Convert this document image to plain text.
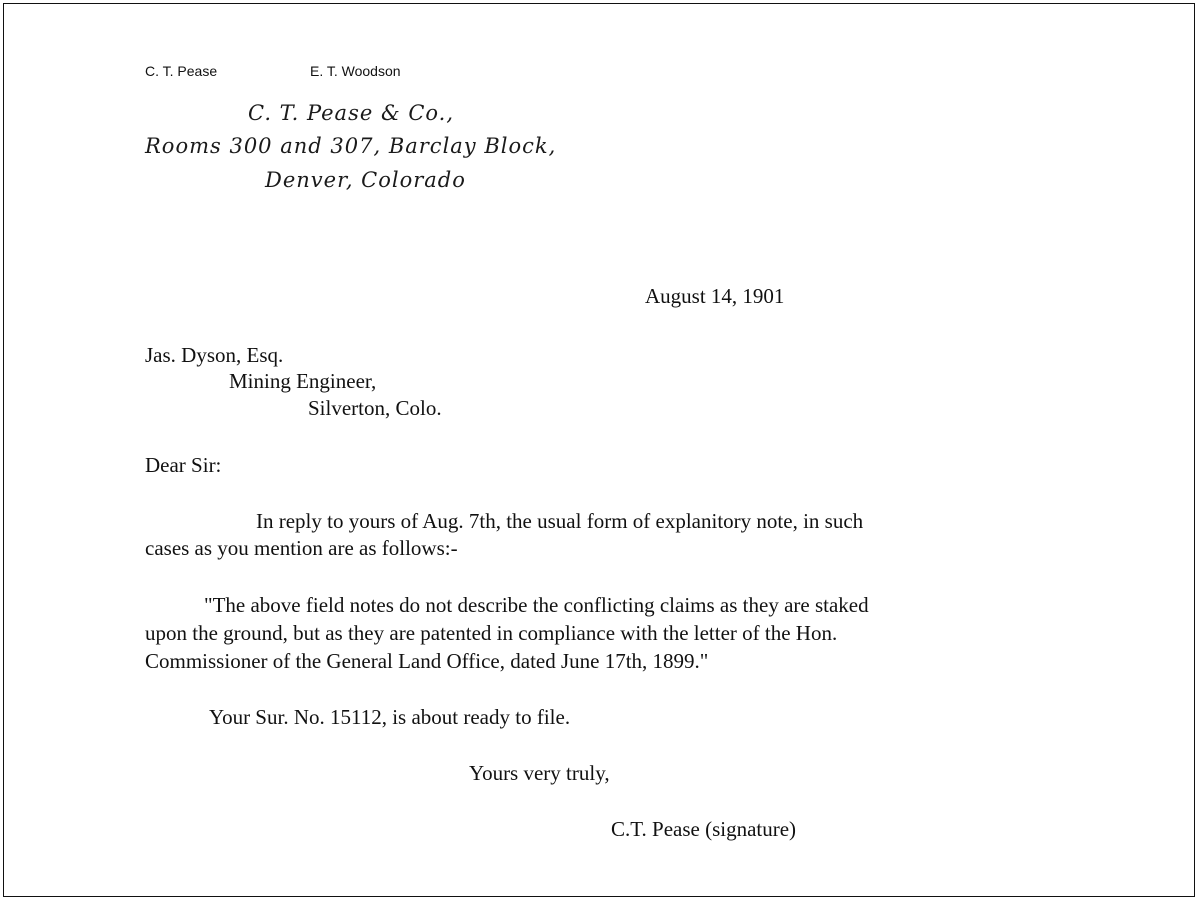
C. T. Pease	E. T. Woodson
C. T. Pease & Co.,
Rooms 300 and 307, Barclay Block,
Denver, Colorado
August 14, 1901
Jas. Dyson, Esq.
Mining Engineer,
Silverton, Colo.
Dear Sir:
In reply to yours of Aug. 7th, the usual form of explanitory note, in such
cases as you mention are as follows:-
"The above field notes do not describe the conflicting claims as they are staked
upon the ground, but as they are patented in compliance with the letter of the Hon.
Commissioner of the General Land Office, dated June 17th, 1899."
Your Sur. No. 15112, is about ready to file.
Yours very truly,
C.T. Pease (signature)
